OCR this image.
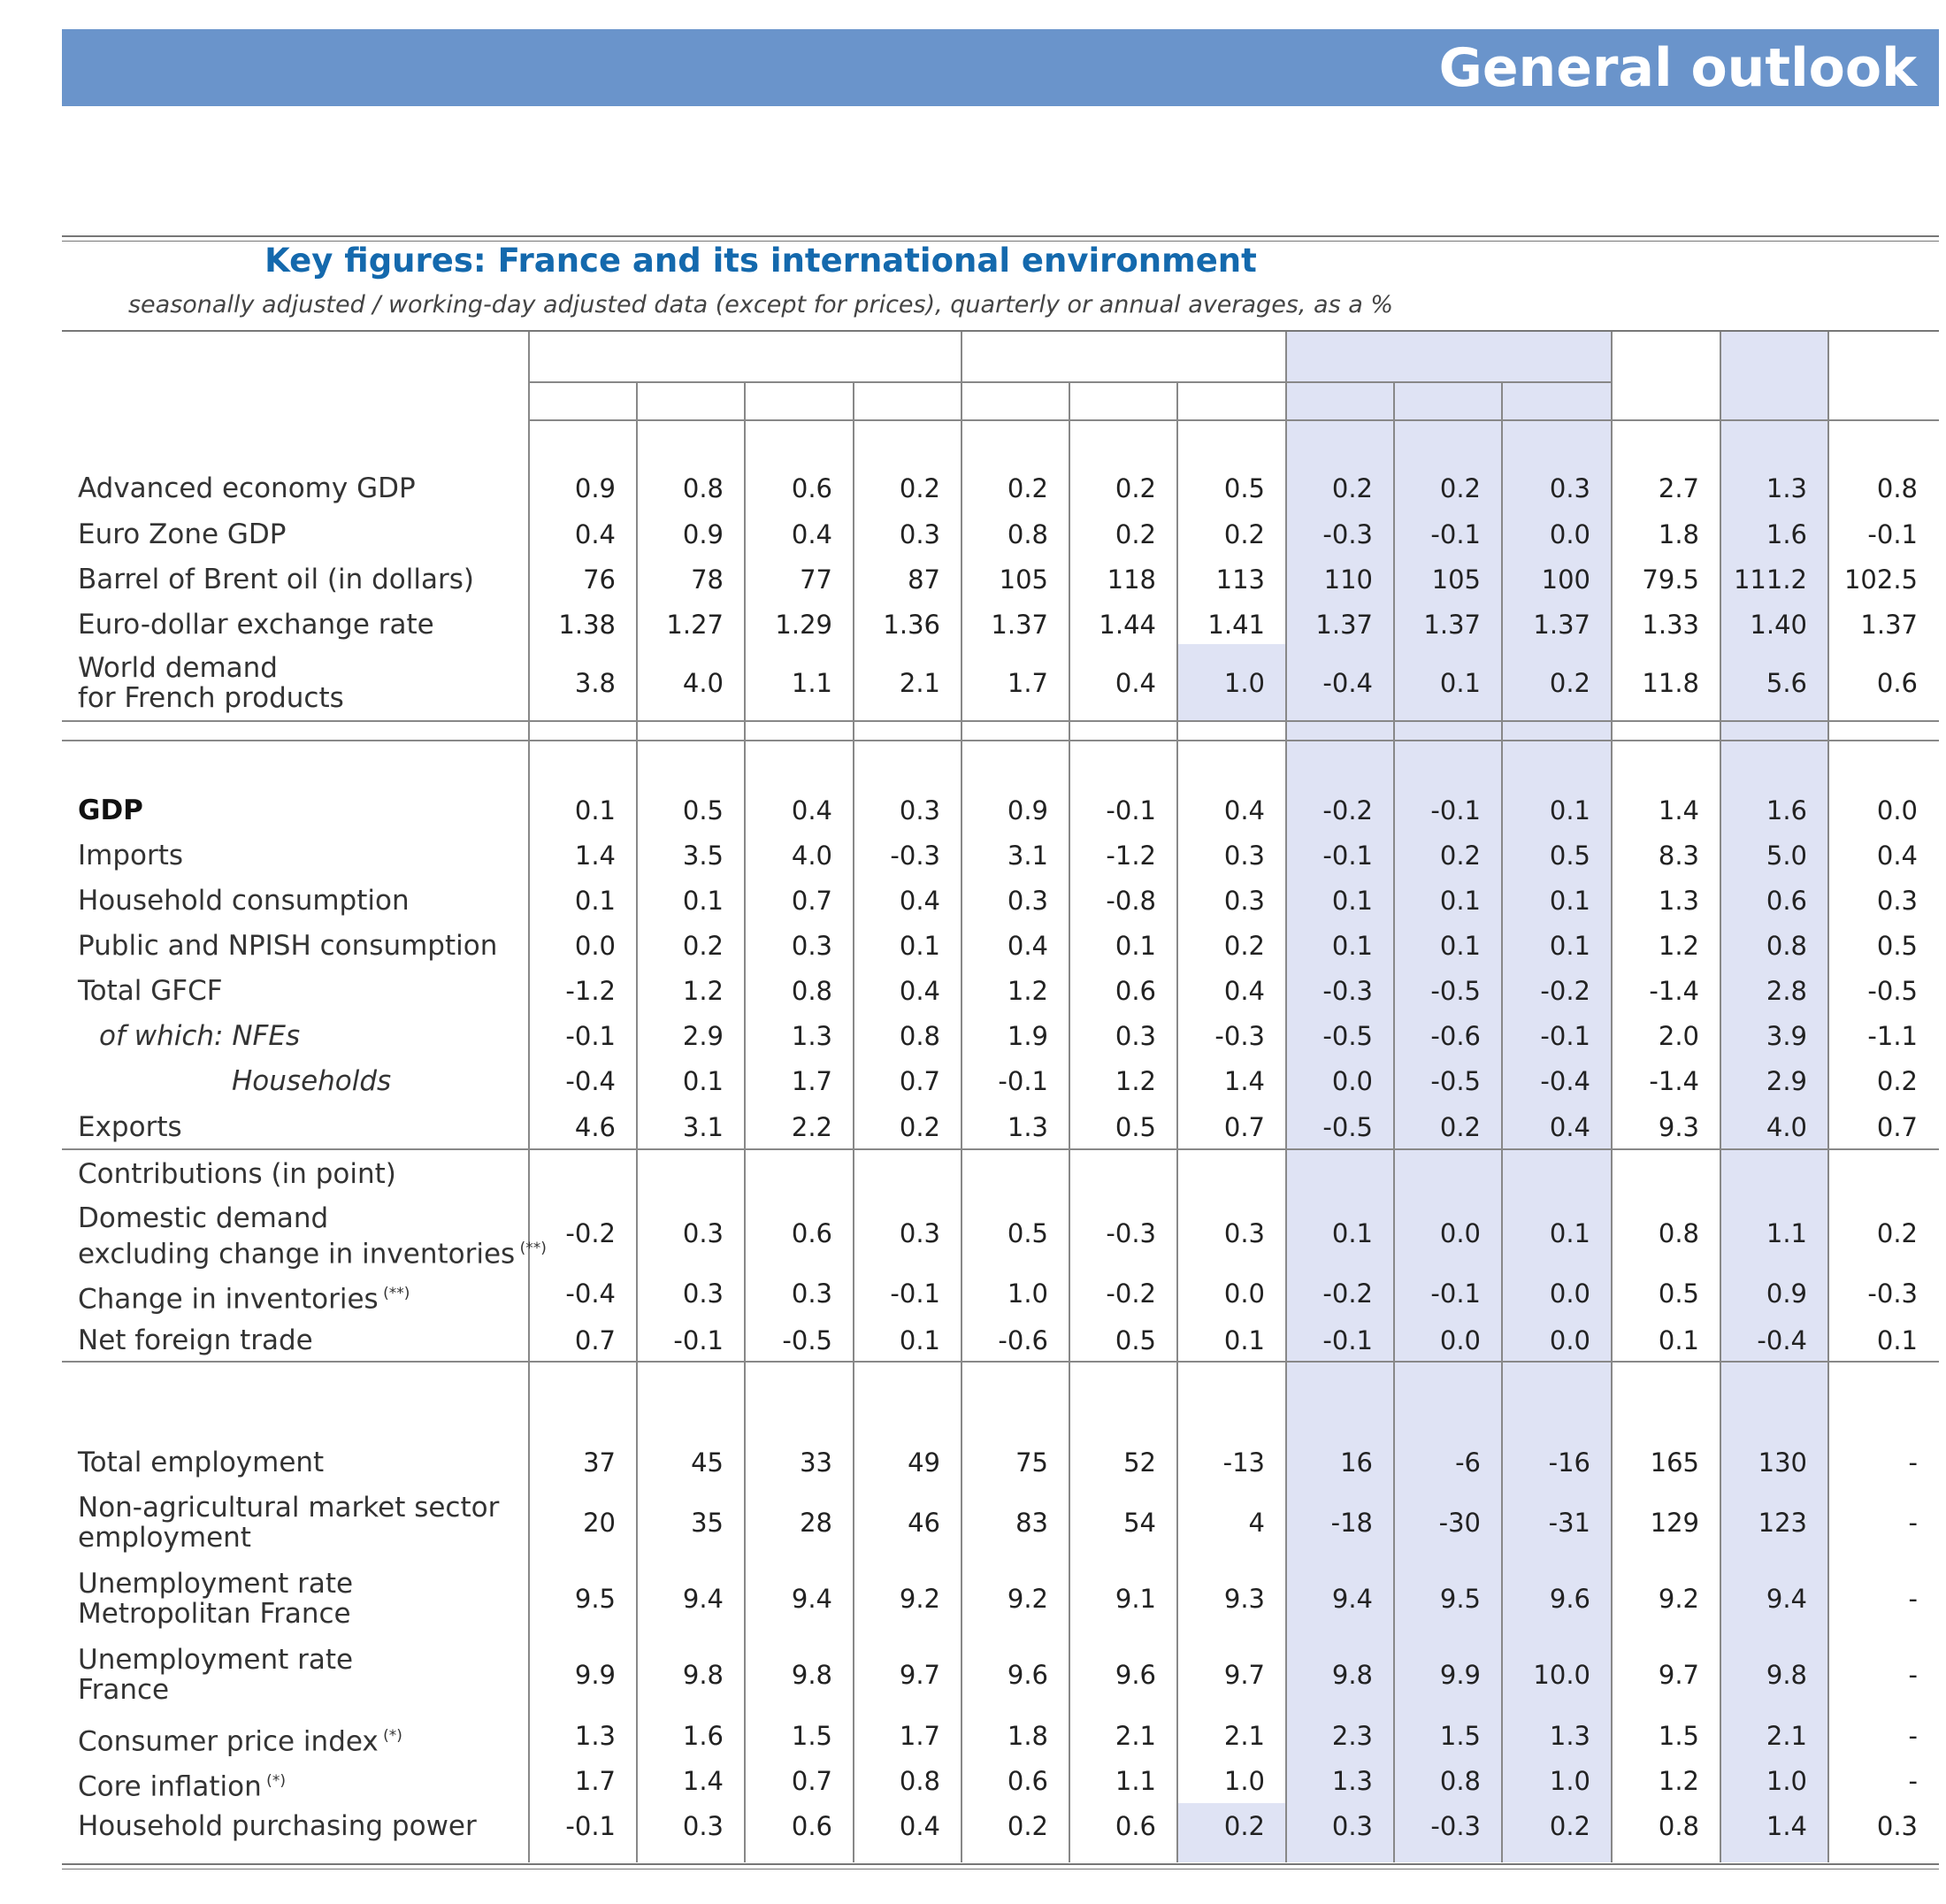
General outlook
Key figures: France and its international environment
seasonally adjusted / working-day adjusted data (except for prices), quarterly or annual averages, as a %
Advanced economy GDP	0.9	0.8	0.6	0.2	0.2	0.2	0.5	0.2	0.2	0.3	2.7	1.3	0.8
Euro Zone GDP	0.4	0.9	0.4	0.3	0.8	0.2	0.2	-0.3	-0.1	0.0	1.8	1.6	-0.1
Barrel of Brent oil (in dollars)	76	78	77	87	105	118	113	110	105	100	79.5	111.2	102.5
Euro-dollar exchange rate	1.38	1.27	1.29	1.36	1.37	1.44	1.41	1.37	1.37	1.37	1.33	1.40	1.37
World demand
for French products	3.8	4.0	1.1	2.1	1.7	0.4	1.0	-0.4	0.1	0.2	11.8	5.6	0.6
GDP	0.1	0.5	0.4	0.3	0.9	-0.1	0.4	-0.2	-0.1	0.1	1.4	1.6	0.0
Imports	1.4	3.5	4.0	-0.3	3.1	-1.2	0.3	-0.1	0.2	0.5	8.3	5.0	0.4
Household consumption	0.1	0.1	0.7	0.4	0.3	-0.8	0.3	0.1	0.1	0.1	1.3	0.6	0.3
Public and NPISH consumption	0.0	0.2	0.3	0.1	0.4	0.1	0.2	0.1	0.1	0.1	1.2	0.8	0.5
Total GFCF	-1.2	1.2	0.8	0.4	1.2	0.6	0.4	-0.3	-0.5	-0.2	-1.4	2.8	-0.5
of which: NFEs	-0.1	2.9	1.3	0.8	1.9	0.3	-0.3	-0.5	-0.6	-0.1	2.0	3.9	-1.1
Households	-0.4	0.1	1.7	0.7	-0.1	1.2	1.4	0.0	-0.5	-0.4	-1.4	2.9	0.2
Exports	4.6	3.1	2.2	0.2	1.3	0.5	0.7	-0.5	0.2	0.4	9.3	4.0	0.7
Contributions (in point)
Domestic demand
excluding change in inventories (**) -0.2	0.3	0.6	0.3	0.5	-0.3	0.3	0.1	0.0	0.1	0.8	1.1	0.2
Change in inventories (**)	-0.4	0.3	0.3	-0.1	1.0	-0.2	0.0	-0.2	-0.1	0.0	0.5	0.9	-0.3
Net foreign trade	0.7	-0.1	-0.5	0.1	-0.6	0.5	0.1	-0.1	0.0	0.0	0.1	-0.4	0.1
Total employment	37	45	33	49	75	52	-13	16	-6	-16	165	130	-
Non-agricultural market sector
employment	20	35	28	46	83	54	4	-18	-30	-31	129	123	-
Unemployment rate
Metropolitan France	9.5	9.4	9.4	9.2	9.2	9.1	9.3	9.4	9.5	9.6	9.2	9.4	-
Unemployment rate
France	9.9	9.8	9.8	9.7	9.6	9.6	9.7	9.8	9.9	10.0	9.7	9.8	-
Consumer price index (*)	1.3	1.6	1.5	1.7	1.8	2.1	2.1	2.3	1.5	1.3	1.5	2.1	-
Core inflation (*)	1.7	1.4	0.7	0.8	0.6	1.1	1.0	1.3	0.8	1.0	1.2	1.0	-
Household purchasing power	-0.1	0.3	0.6	0.4	0.2	0.6	0.2	0.3	-0.3	0.2	0.8	1.4	0.3
